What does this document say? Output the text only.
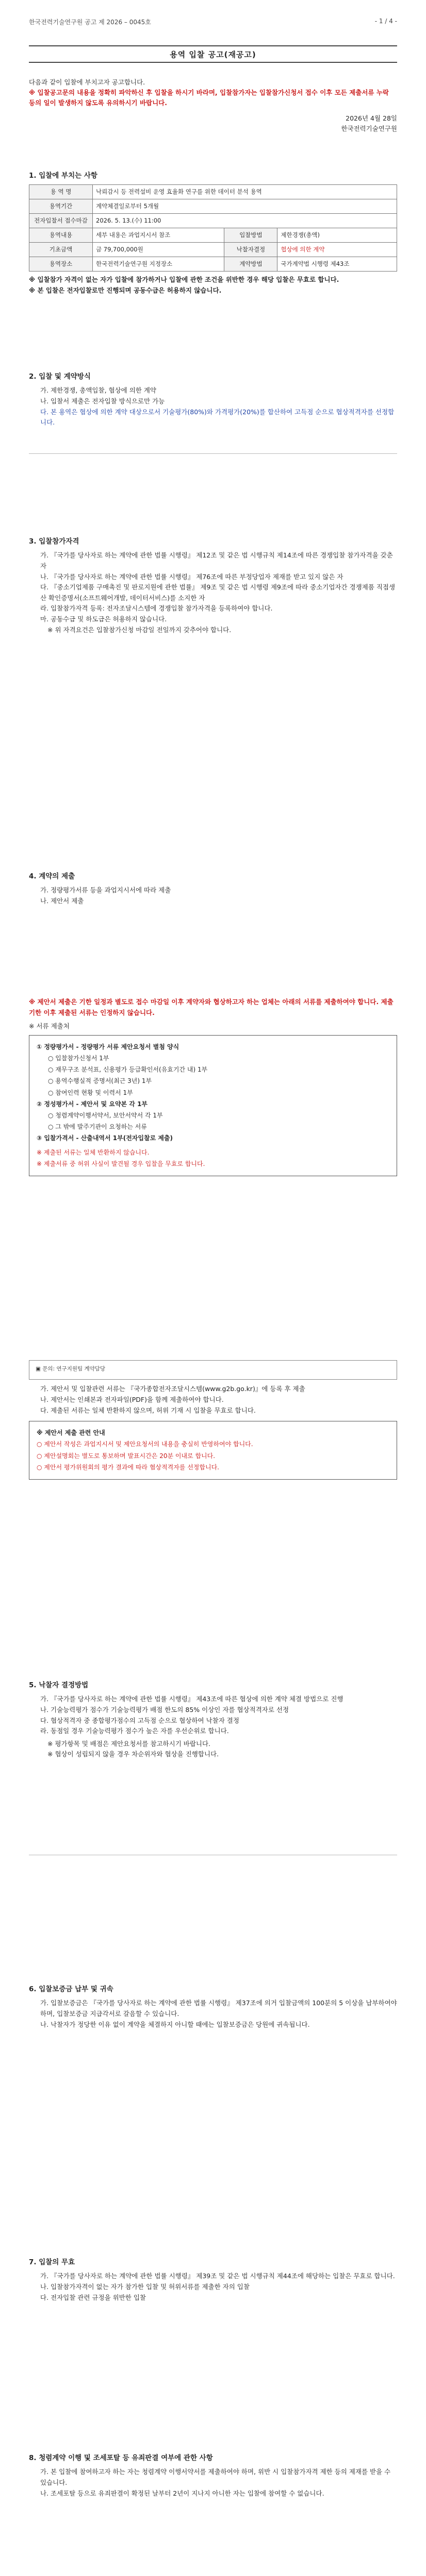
한국전력기술연구원 공고 제 2026 – 0045호	- 1 / 4 -
용역 입찰 공고(재공고)
다음과 같이 입찰에 부치고자 공고합니다.
※ 입찰공고문의 내용을 정확히 파악하신 후 입찰을 하시기 바라며, 입찰참가자는 입찰참가신청서 접수 이후 모든 제출서류 누락 등의 일이 발생하지 않도록 유의하시기 바랍니다.
2026년 4월 28일
한국전력기술연구원
1. 입찰에 부치는 사항
용 역 명	낙뢰감시 등 전력설비 운영 효율화 연구를 위한 데이터 분석 용역		
용역기간	계약체결일로부터 5개월		
전자입찰서 접수마감	2026. 5. 13.(수) 11:00		
용역내용	세부 내용은 과업지시서 참조	입찰방법	제한경쟁(총액)
기초금액	금 79,700,000원	낙찰자결정	협상에 의한 계약
용역장소	한국전력기술연구원 지정장소	계약방법	국가계약법 시행령 제43조
※ 입찰참가 자격이 없는 자가 입찰에 참가하거나 입찰에 관한 조건을 위반한 경우 해당 입찰은 무효로 합니다.
※ 본 입찰은 전자입찰로만 진행되며 공동수급은 허용하지 않습니다.
2. 입찰 및 계약방식
가. 제한경쟁, 총액입찰, 협상에 의한 계약
나. 입찰서 제출은 전자입찰 방식으로만 가능
다. 본 용역은 협상에 의한 계약 대상으로서 기술평가(80%)와 가격평가(20%)를 합산하여 고득점 순으로 협상적격자를 선정합니다.
3. 입찰참가자격
가. 『국가를 당사자로 하는 계약에 관한 법률 시행령』 제12조 및 같은 법 시행규칙 제14조에 따른 경쟁입찰 참가자격을 갖춘 자
나. 『국가를 당사자로 하는 계약에 관한 법률 시행령』 제76조에 따른 부정당업자 제재를 받고 있지 않은 자
다. 『중소기업제품 구매촉진 및 판로지원에 관한 법률』 제9조 및 같은 법 시행령 제9조에 따라 중소기업자간 경쟁제품 직접생산 확인증명서(소프트웨어개발, 데이터서비스)를 소지한 자
라. 입찰참가자격 등록: 전자조달시스템에 경쟁입찰 참가자격을 등록하여야 합니다.
마. 공동수급 및 하도급은 허용하지 않습니다.
※ 위 자격요건은 입찰참가신청 마감일 전일까지 갖추어야 합니다.
4. 계약의 제출
가. 정량평가서류 등을 과업지시서에 따라 제출
나. 제안서 제출
※ 제안서 제출은 기한 일정과 별도로 접수 마감일 이후 계약자와 협상하고자 하는 업체는 아래의 서류를 제출하여야 합니다. 제출 기한 이후 제출된 서류는 인정하지 않습니다.
※ 서류 제출처
① 정량평가서 - 정량평가 서류 제안요청서 별첨 양식
○ 입찰참가신청서 1부
○ 재무구조 분석표, 신용평가 등급확인서(유효기간 내) 1부
○ 용역수행실적 증명서(최근 3년) 1부
○ 참여인력 현황 및 이력서 1부
② 정성평가서 - 제안서 및 요약본 각 1부
○ 청렴계약이행서약서, 보안서약서 각 1부
○ 그 밖에 발주기관이 요청하는 서류
③ 입찰가격서 - 산출내역서 1부(전자입찰로 제출)
※ 제출된 서류는 일체 반환하지 않습니다.
※ 제출서류 중 허위 사실이 발견될 경우 입찰을 무효로 합니다.
▣ 문의: 연구지원팀 계약담당
가. 제안서 및 입찰관련 서류는 『국가종합전자조달시스템(www.g2b.go.kr)』에 등록 후 제출
나. 제안서는 인쇄본과 전자파일(PDF)을 함께 제출하여야 합니다.
다. 제출된 서류는 일체 반환하지 않으며, 허위 기재 시 입찰을 무효로 합니다.
※ 제안서 제출 관련 안내
○ 제안서 작성은 과업지시서 및 제안요청서의 내용을 충실히 반영하여야 합니다.
○ 제안설명회는 별도로 통보하며 발표시간은 20분 이내로 합니다.
○ 제안서 평가위원회의 평가 결과에 따라 협상적격자를 선정합니다.
5. 낙찰자 결정방법
가. 『국가를 당사자로 하는 계약에 관한 법률 시행령』 제43조에 따른 협상에 의한 계약 체결 방법으로 진행
나. 기술능력평가 점수가 기술능력평가 배점 한도의 85% 이상인 자를 협상적격자로 선정
다. 협상적격자 중 종합평가점수의 고득점 순으로 협상하여 낙찰자 결정
라. 동점일 경우 기술능력평가 점수가 높은 자를 우선순위로 합니다.
※ 평가항목 및 배점은 제안요청서를 참고하시기 바랍니다.
※ 협상이 성립되지 않을 경우 차순위자와 협상을 진행합니다.
6. 입찰보증금 납부 및 귀속
가. 입찰보증금은 『국가를 당사자로 하는 계약에 관한 법률 시행령』 제37조에 의거 입찰금액의 100분의 5 이상을 납부하여야 하며, 입찰보증금 지급각서로 갈음할 수 있습니다.
나. 낙찰자가 정당한 이유 없이 계약을 체결하지 아니할 때에는 입찰보증금은 당원에 귀속됩니다.
7. 입찰의 무효
가. 『국가를 당사자로 하는 계약에 관한 법률 시행령』 제39조 및 같은 법 시행규칙 제44조에 해당하는 입찰은 무효로 합니다.
나. 입찰참가자격이 없는 자가 참가한 입찰 및 허위서류를 제출한 자의 입찰
다. 전자입찰 관련 규정을 위반한 입찰
8. 청렴계약 이행 및 조세포탈 등 유죄판결 여부에 관한 사항
가. 본 입찰에 참여하고자 하는 자는 청렴계약 이행서약서를 제출하여야 하며, 위반 시 입찰참가자격 제한 등의 제재를 받을 수 있습니다.
나. 조세포탈 등으로 유죄판결이 확정된 날부터 2년이 지나지 아니한 자는 입찰에 참여할 수 없습니다.
